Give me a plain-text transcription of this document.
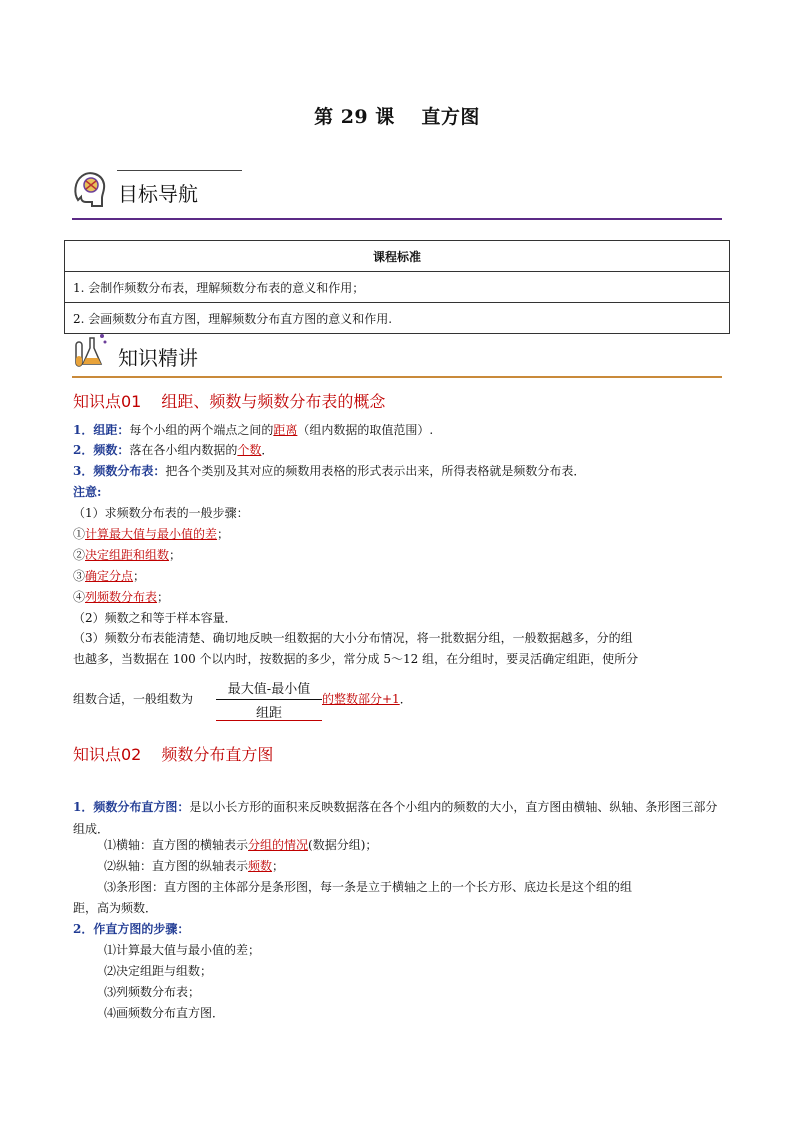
第 29 课　 直方图
目标导航
课程标准
1. 会制作频数分布表，理解频数分布表的意义和作用；
2. 会画频数分布直方图，理解频数分布直方图的意义和作用.
知识精讲
知识点01 组距、频数与频数分布表的概念
1．组距：每个小组的两个端点之间的距离（组内数据的取值范围）.
2．频数：落在各小组内数据的个数．
3．频数分布表：把各个类别及其对应的频数用表格的形式表示出来，所得表格就是频数分布表．
注意:
（1）求频数分布表的一般步骤：
①计算最大值与最小值的差；
②决定组距和组数；
③确定分点；
④列频数分布表；
（2）频数之和等于样本容量．
（3）频数分布表能清楚、确切地反映一组数据的大小分布情况，将一批数据分组，一般数据越多，分的组
也越多，当数据在 100 个以内时，按数据的多少，常分成 5～12 组，在分组时，要灵活确定组距，使所分
组数合适，一般组数为
最大值-最小值
组距
的整数部分+1．
知识点02 频数分布直方图
1．频数分布直方图：是以小长方形的面积来反映数据落在各个小组内的频数的大小，直方图由横轴、纵轴、条形图三部分组成．
⑴横轴：直方图的横轴表示分组的情况(数据分组)；
⑵纵轴：直方图的纵轴表示频数；
⑶条形图：直方图的主体部分是条形图，每一条是立于横轴之上的一个长方形、底边长是这个组的组
距，高为频数．
2．作直方图的步骤：
⑴计算最大值与最小值的差；
⑵决定组距与组数；
⑶列频数分布表；
⑷画频数分布直方图．
